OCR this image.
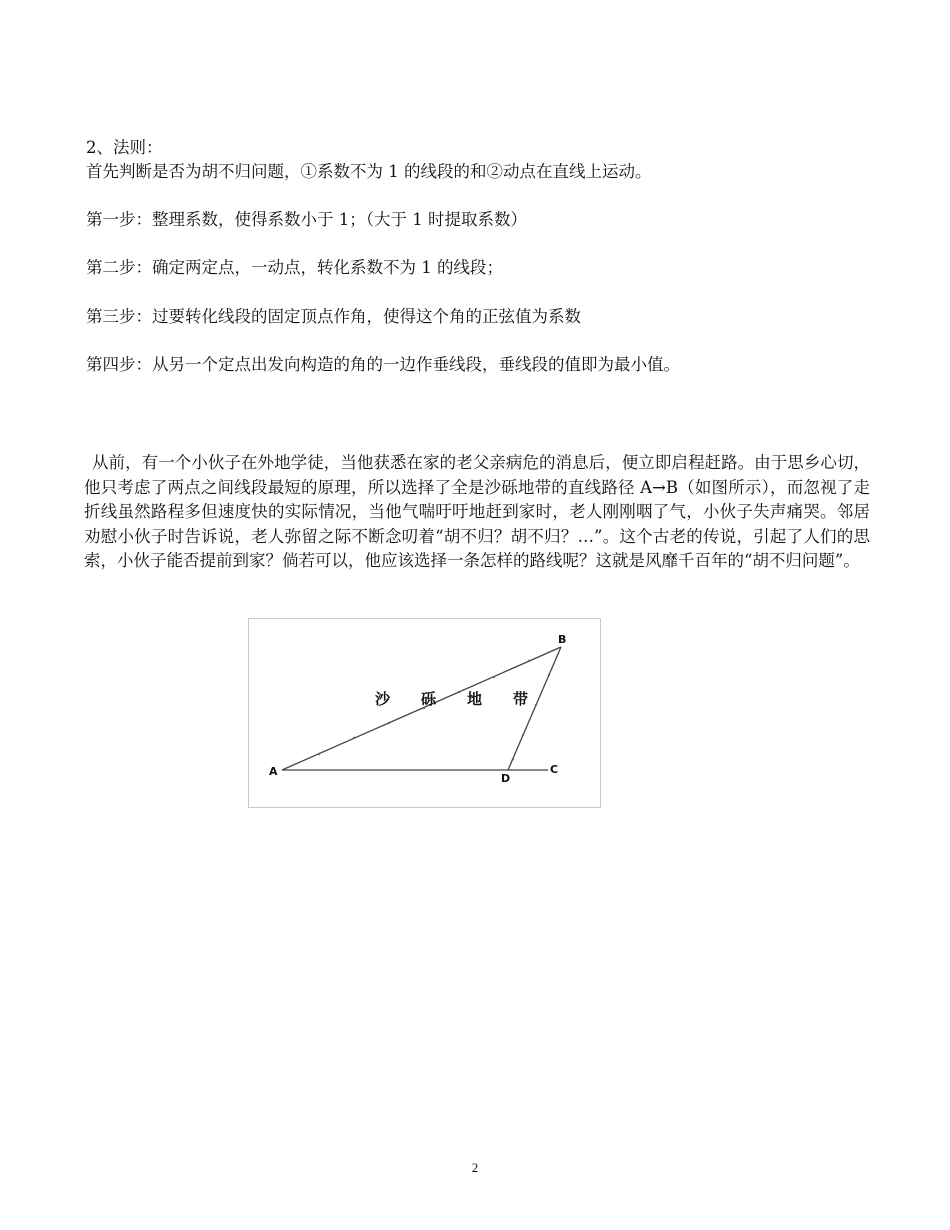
2、法则：
首先判断是否为胡不归问题，①系数不为 1 的线段的和②动点在直线上运动。
第一步：整理系数，使得系数小于 1；（大于 1 时提取系数）
第二步：确定两定点，一动点，转化系数不为 1 的线段；
第三步：过要转化线段的固定顶点作角，使得这个角的正弦值为系数
第四步：从另一个定点出发向构造的角的一边作垂线段，垂线段的值即为最小值。
从前，有一个小伙子在外地学徒，当他获悉在家的老父亲病危的消息后，便立即启程赶路。由于思乡心切，他只考虑了两点之间线段最短的原理，所以选择了全是沙砾地带的直线路径 A→B（如图所示），而忽视了走折线虽然路程多但速度快的实际情况，当他气喘吁吁地赶到家时，老人刚刚咽了气，小伙子失声痛哭。邻居劝慰小伙子时告诉说，老人弥留之际不断念叨着“胡不归？胡不归？…”。这个古老的传说，引起了人们的思索，小伙子能否提前到家？倘若可以，他应该选择一条怎样的路线呢？这就是风靡千百年的“胡不归问题”。
A
B
C
D
沙 砾 地 带
2
